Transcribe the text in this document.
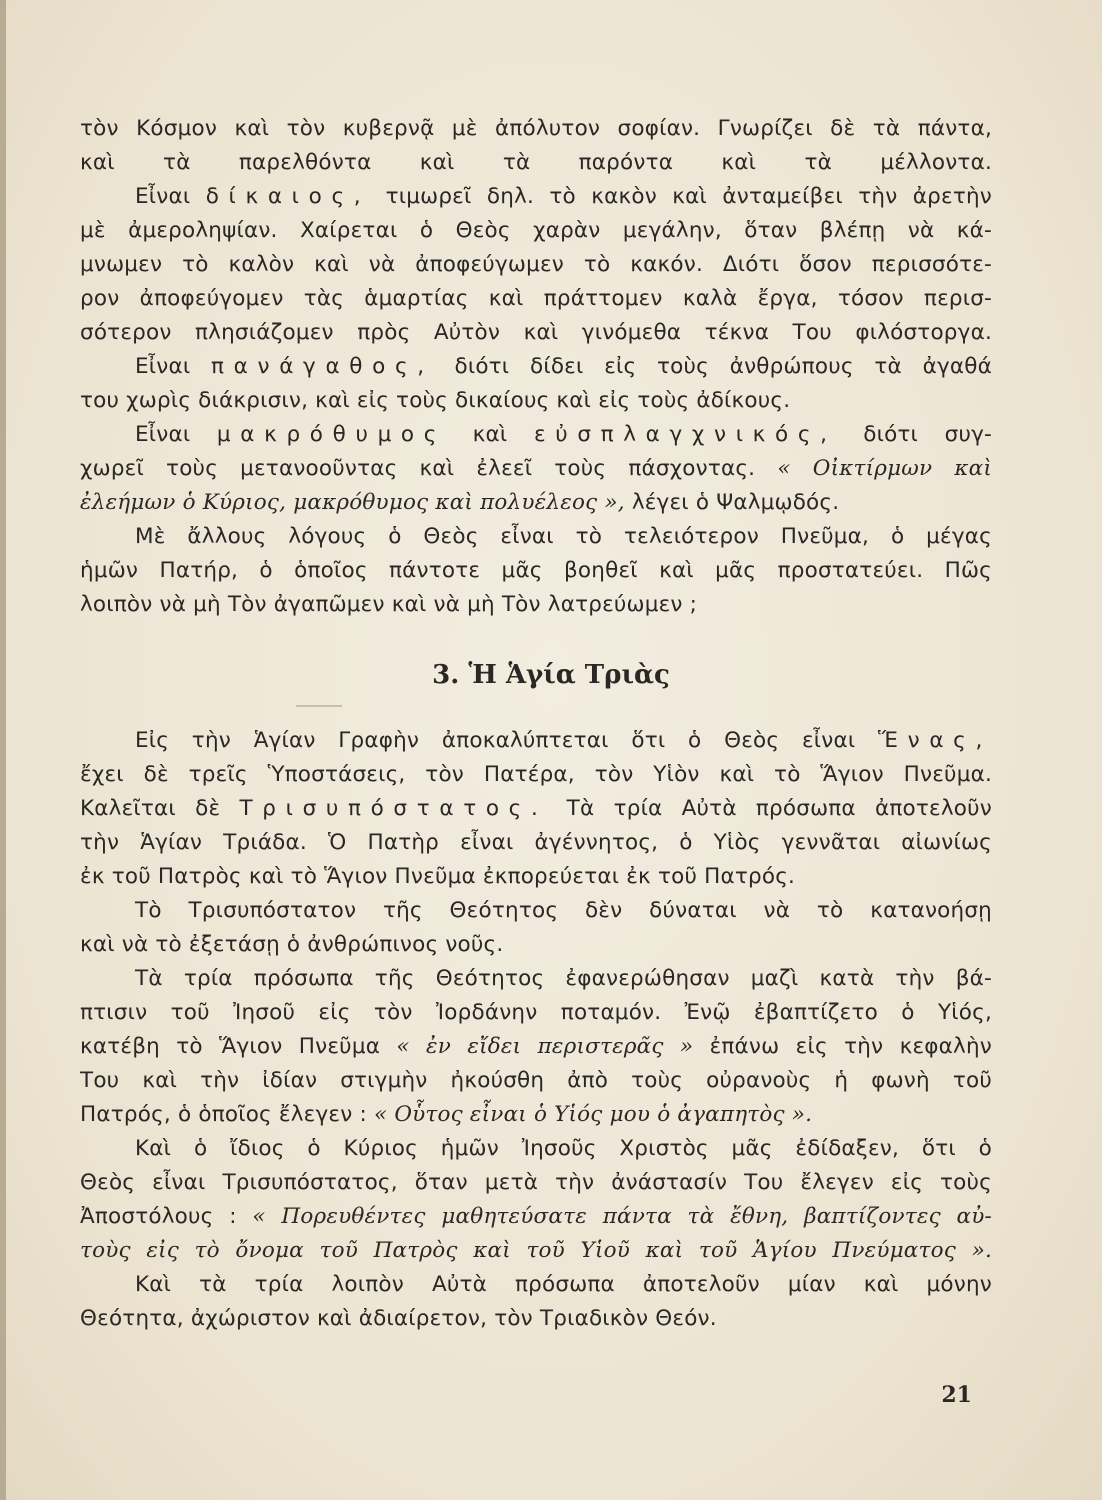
τὸν Κόσμον καὶ τὸν κυβερνᾷ μὲ ἀπόλυτον σοφίαν. Γνωρίζει δὲ τὰ πάντα,
καὶ τὰ παρελθόντα καὶ τὰ παρόντα καὶ τὰ μέλλοντα.
Εἶναι δίκαιος, τιμωρεῖ δηλ. τὸ κακὸν καὶ ἀνταμείβει τὴν ἀρετὴν
μὲ ἀμεροληψίαν. Χαίρεται ὁ Θεὸς χαρὰν μεγάλην, ὅταν βλέπῃ νὰ κά-
μνωμεν τὸ καλὸν καὶ νὰ ἀποφεύγωμεν τὸ κακόν. Διότι ὅσον περισσότε-
ρον ἀποφεύγομεν τὰς ἁμαρτίας καὶ πράττομεν καλὰ ἔργα, τόσον περισ-
σότερον πλησιάζομεν πρὸς Αὐτὸν καὶ γινόμεθα τέκνα Του φιλόστοργα.
Εἶναι πανάγαθος, διότι δίδει εἰς τοὺς ἀνθρώπους τὰ ἀγαθά
του χωρὶς διάκρισιν, καὶ εἰς τοὺς δικαίους καὶ εἰς τοὺς ἀδίκους.
Εἶναι μακρόθυμος καὶ εὐσπλαγχνικός, διότι συγ-
χωρεῖ τοὺς μετανοοῦντας καὶ ἐλεεῖ τοὺς πάσχοντας. « Οἰκτίρμων καὶ
ἐλεήμων ὁ Κύριος, μακρόθυμος καὶ πολυέλεος », λέγει ὁ Ψαλμῳδός.
Μὲ ἄλλους λόγους ὁ Θεὸς εἶναι τὸ τελειότερον Πνεῦμα, ὁ μέγας
ἡμῶν Πατήρ, ὁ ὁποῖος πάντοτε μᾶς βοηθεῖ καὶ μᾶς προστατεύει. Πῶς
λοιπὸν νὰ μὴ Τὸν ἀγαπῶμεν καὶ νὰ μὴ Τὸν λατρεύωμεν ;
3. Ἡ Ἁγία Τριὰς
Εἰς τὴν Ἁγίαν Γραφὴν ἀποκαλύπτεται ὅτι ὁ Θεὸς εἶναι Ἕνας,
ἔχει δὲ τρεῖς Ὑποστάσεις, τὸν Πατέρα, τὸν Υἱὸν καὶ τὸ Ἅγιον Πνεῦμα.
Καλεῖται δὲ Τρισυπόστατος. Τὰ τρία Αὐτὰ πρόσωπα ἀποτελοῦν
τὴν Ἁγίαν Τριάδα. Ὁ Πατὴρ εἶναι ἀγέννητος, ὁ Υἱὸς γεννᾶται αἰωνίως
ἐκ τοῦ Πατρὸς καὶ τὸ Ἅγιον Πνεῦμα ἐκπορεύεται ἐκ τοῦ Πατρός.
Τὸ Τρισυπόστατον τῆς Θεότητος δὲν δύναται νὰ τὸ κατανοήσῃ
καὶ νὰ τὸ ἐξετάσῃ ὁ ἀνθρώπινος νοῦς.
Τὰ τρία πρόσωπα τῆς Θεότητος ἐφανερώθησαν μαζὶ κατὰ τὴν βά-
πτισιν τοῦ Ἰησοῦ εἰς τὸν Ἰορδάνην ποταμόν. Ἐνῷ ἐβαπτίζετο ὁ Υἱός,
κατέβη τὸ Ἅγιον Πνεῦμα « ἐν εἴδει περιστερᾶς » ἐπάνω εἰς τὴν κεφαλὴν
Του καὶ τὴν ἰδίαν στιγμὴν ἠκούσθη ἀπὸ τοὺς οὐρανοὺς ἡ φωνὴ τοῦ
Πατρός, ὁ ὁποῖος ἔλεγεν : « Οὗτος εἶναι ὁ Υἱός μου ὁ ἀγαπητὸς ».
Καὶ ὁ ἴδιος ὁ Κύριος ἡμῶν Ἰησοῦς Χριστὸς μᾶς ἐδίδαξεν, ὅτι ὁ
Θεὸς εἶναι Τρισυπόστατος, ὅταν μετὰ τὴν ἀνάστασίν Του ἔλεγεν εἰς τοὺς
Ἀποστόλους : « Πορευθέντες μαθητεύσατε πάντα τὰ ἔθνη, βαπτίζοντες αὐ-
τοὺς εἰς τὸ ὄνομα τοῦ Πατρὸς καὶ τοῦ Υἱοῦ καὶ τοῦ Ἁγίου Πνεύματος ».
Καὶ τὰ τρία λοιπὸν Αὐτὰ πρόσωπα ἀποτελοῦν μίαν καὶ μόνην
Θεότητα, ἀχώριστον καὶ ἀδιαίρετον, τὸν Τριαδικὸν Θεόν.
21
